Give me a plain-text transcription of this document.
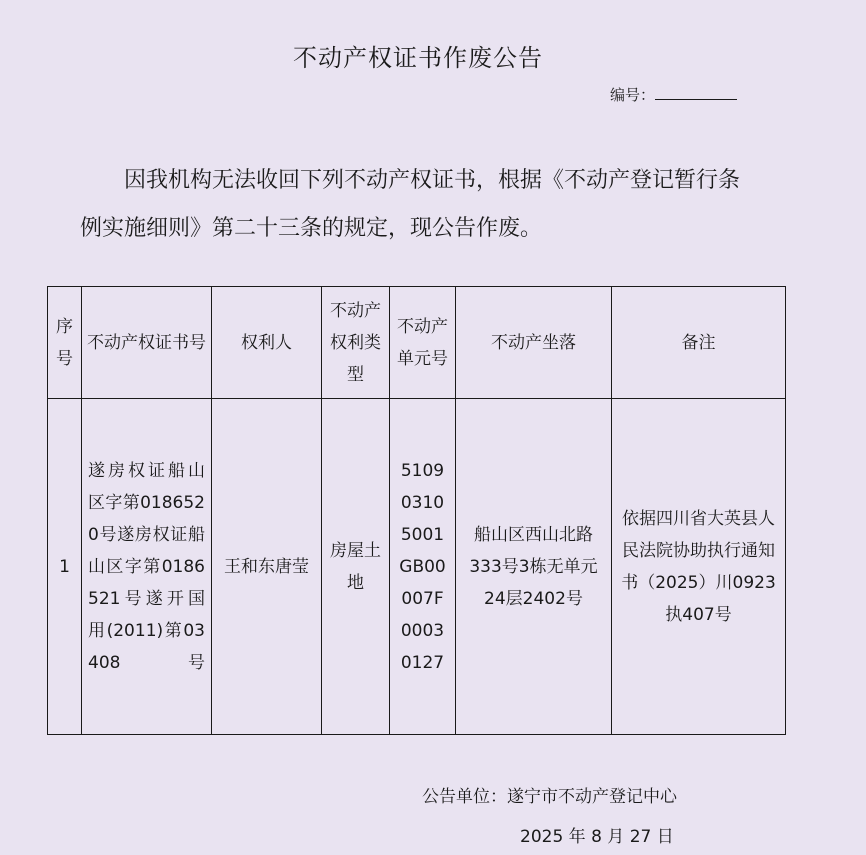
不动产权证书作废公告
编号：

因我机构无法收回下列不动产权证书，根据《不动产登记暂行条

例实施细则》第二十三条的规定，现公告作废。

序号	不动产权证书号	权利人	不动产权利类型	不动产单元号	不动产坐落	备注
1	遂房权证船山区字第0186520号遂房权证船山区字第0186521号遂开国用(2011)第03408号	王和东唐莹	房屋土地	510903105001GB00007F00030127	船山区西山北路333号3栋无单元24层2402号	依据四川省大英县人民法院协助执行通知书（2025）川0923执407号
公告单位：遂宁市不动产登记中心
2025 年 8 月 27 日
